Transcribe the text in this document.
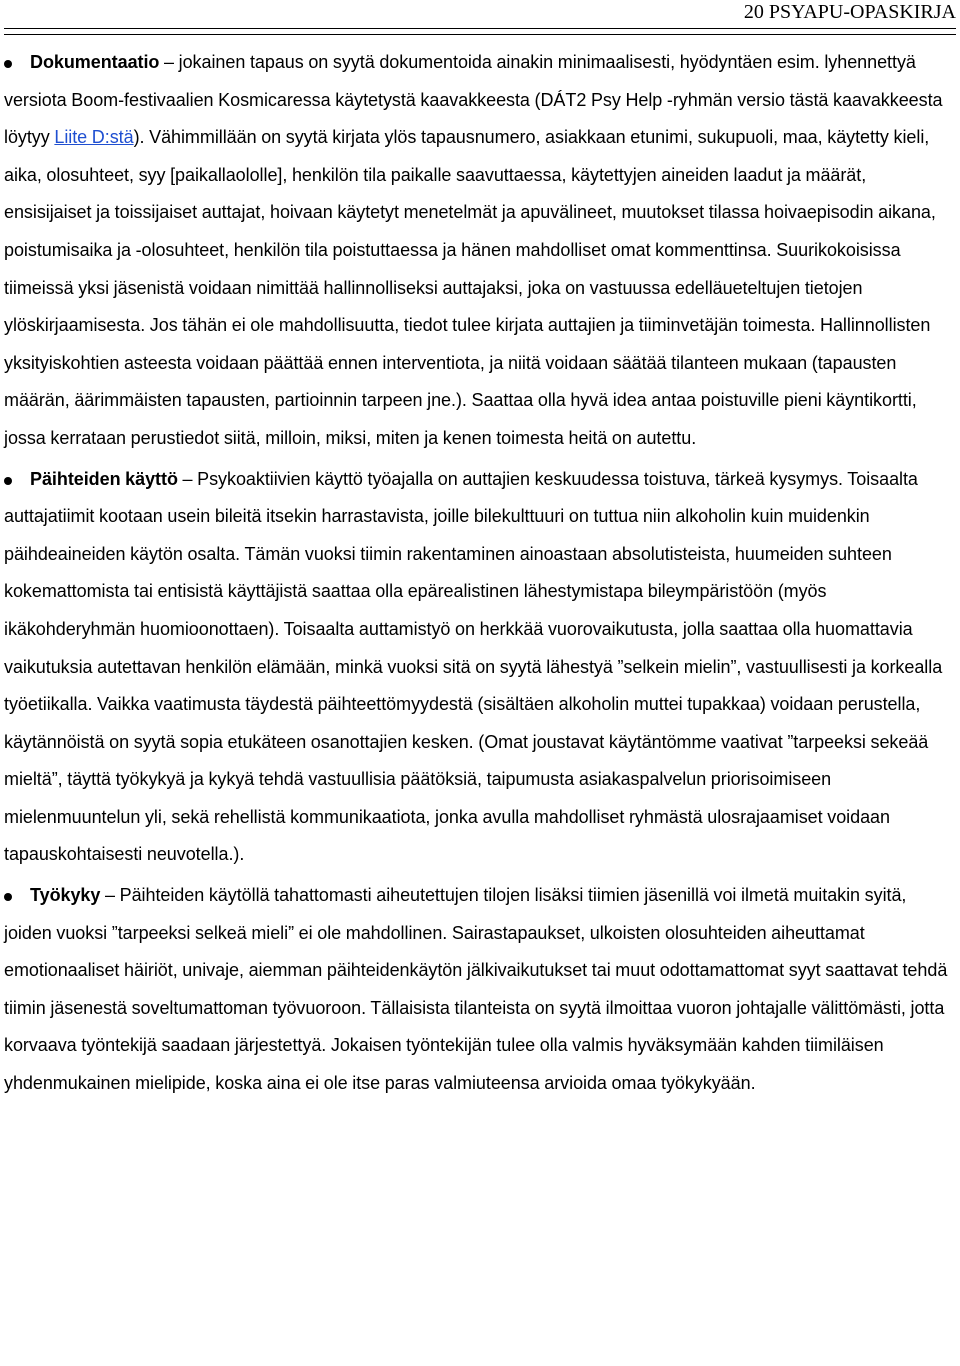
20 PSYAPU-OPASKIRJA

Dokumentaatio – jokainen tapaus on syytä dokumentoida ainakin minimaalisesti, hyödyntäen esim. lyhennettyä versiota Boom-festivaalien Kosmicaressa käytetystä kaavakkeesta (DÁT2 Psy Help -ryhmän versio tästä kaavakkeesta löytyy Liite D:stä). Vähimmillään on syytä kirjata ylös tapausnumero, asiakkaan etunimi, sukupuoli, maa, käytetty kieli, aika, olosuhteet, syy [paikallaololle], henkilön tila paikalle saavuttaessa, käytettyjen aineiden laadut ja määrät, ensisijaiset ja toissijaiset auttajat, hoivaan käytetyt menetelmät ja apuvälineet, muutokset tilassa hoivaepisodin aikana, poistumisaika ja -olosuhteet, henkilön tila poistuttaessa ja hänen mahdolliset omat kommenttinsa. Suurikokoisissa tiimeissä yksi jäsenistä voidaan nimittää hallinnolliseksi auttajaksi, joka on vastuussa edelläueteltujen tietojen ylöskirjaamisesta. Jos tähän ei ole mahdollisuutta, tiedot tulee kirjata auttajien ja tiiminvetäjän toimesta. Hallinnollisten yksityiskohtien asteesta voidaan päättää ennen interventiota, ja niitä voidaan säätää tilanteen mukaan (tapausten määrän, äärimmäisten tapausten, partioinnin tarpeen jne.). Saattaa olla hyvä idea antaa poistuville pieni käyntikortti, jossa kerrataan perustiedot siitä, milloin, miksi, miten ja kenen toimesta heitä on autettu.

Päihteiden käyttö – Psykoaktiivien käyttö työajalla on auttajien keskuudessa toistuva, tärkeä kysymys. Toisaalta auttajatiimit kootaan usein bileitä itsekin harrastavista, joille bilekulttuuri on tuttua niin alkoholin kuin muidenkin päihdeaineiden käytön osalta. Tämän vuoksi tiimin rakentaminen ainoastaan absolutisteista, huumeiden suhteen kokemattomista tai entisistä käyttäjistä saattaa olla epärealistinen lähestymistapa bileympäristöön (myös ikäkohderyhmän huomioonottaen). Toisaalta auttamistyö on herkkää vuorovaikutusta, jolla saattaa olla huomattavia vaikutuksia autettavan henkilön elämään, minkä vuoksi sitä on syytä lähestyä ”selkein mielin”, vastuullisesti ja korkealla työetiikalla. Vaikka vaatimusta täydestä päihteettömyydestä (sisältäen alkoholin muttei tupakkaa) voidaan perustella, käytännöistä on syytä sopia etukäteen osanottajien kesken. (Omat joustavat käytäntömme vaativat ”tarpeeksi sekeää mieltä”, täyttä työkykyä ja kykyä tehdä vastuullisia päätöksiä, taipumusta asiakaspalvelun priorisoimiseen mielenmuuntelun yli, sekä rehellistä kommunikaatiota, jonka avulla mahdolliset ryhmästä ulosrajaamiset voidaan tapauskohtaisesti neuvotella.).

Työkyky – Päihteiden käytöllä tahattomasti aiheutettujen tilojen lisäksi tiimien jäsenillä voi ilmetä muitakin syitä, joiden vuoksi ”tarpeeksi selkeä mieli” ei ole mahdollinen. Sairastapaukset, ulkoisten olosuhteiden aiheuttamat emotionaaliset häiriöt, univaje, aiemman päihteidenkäytön jälkivaikutukset tai muut odottamattomat syyt saattavat tehdä tiimin jäsenestä soveltumattoman työvuoroon. Tällaisista tilanteista on syytä ilmoittaa vuoron johtajalle välittömästi, jotta korvaava työntekijä saadaan järjestettyä. Jokaisen työntekijän tulee olla valmis hyväksymään kahden tiimiläisen yhdenmukainen mielipide, koska aina ei ole itse paras valmiuteensa arvioida omaa työkykyään.
